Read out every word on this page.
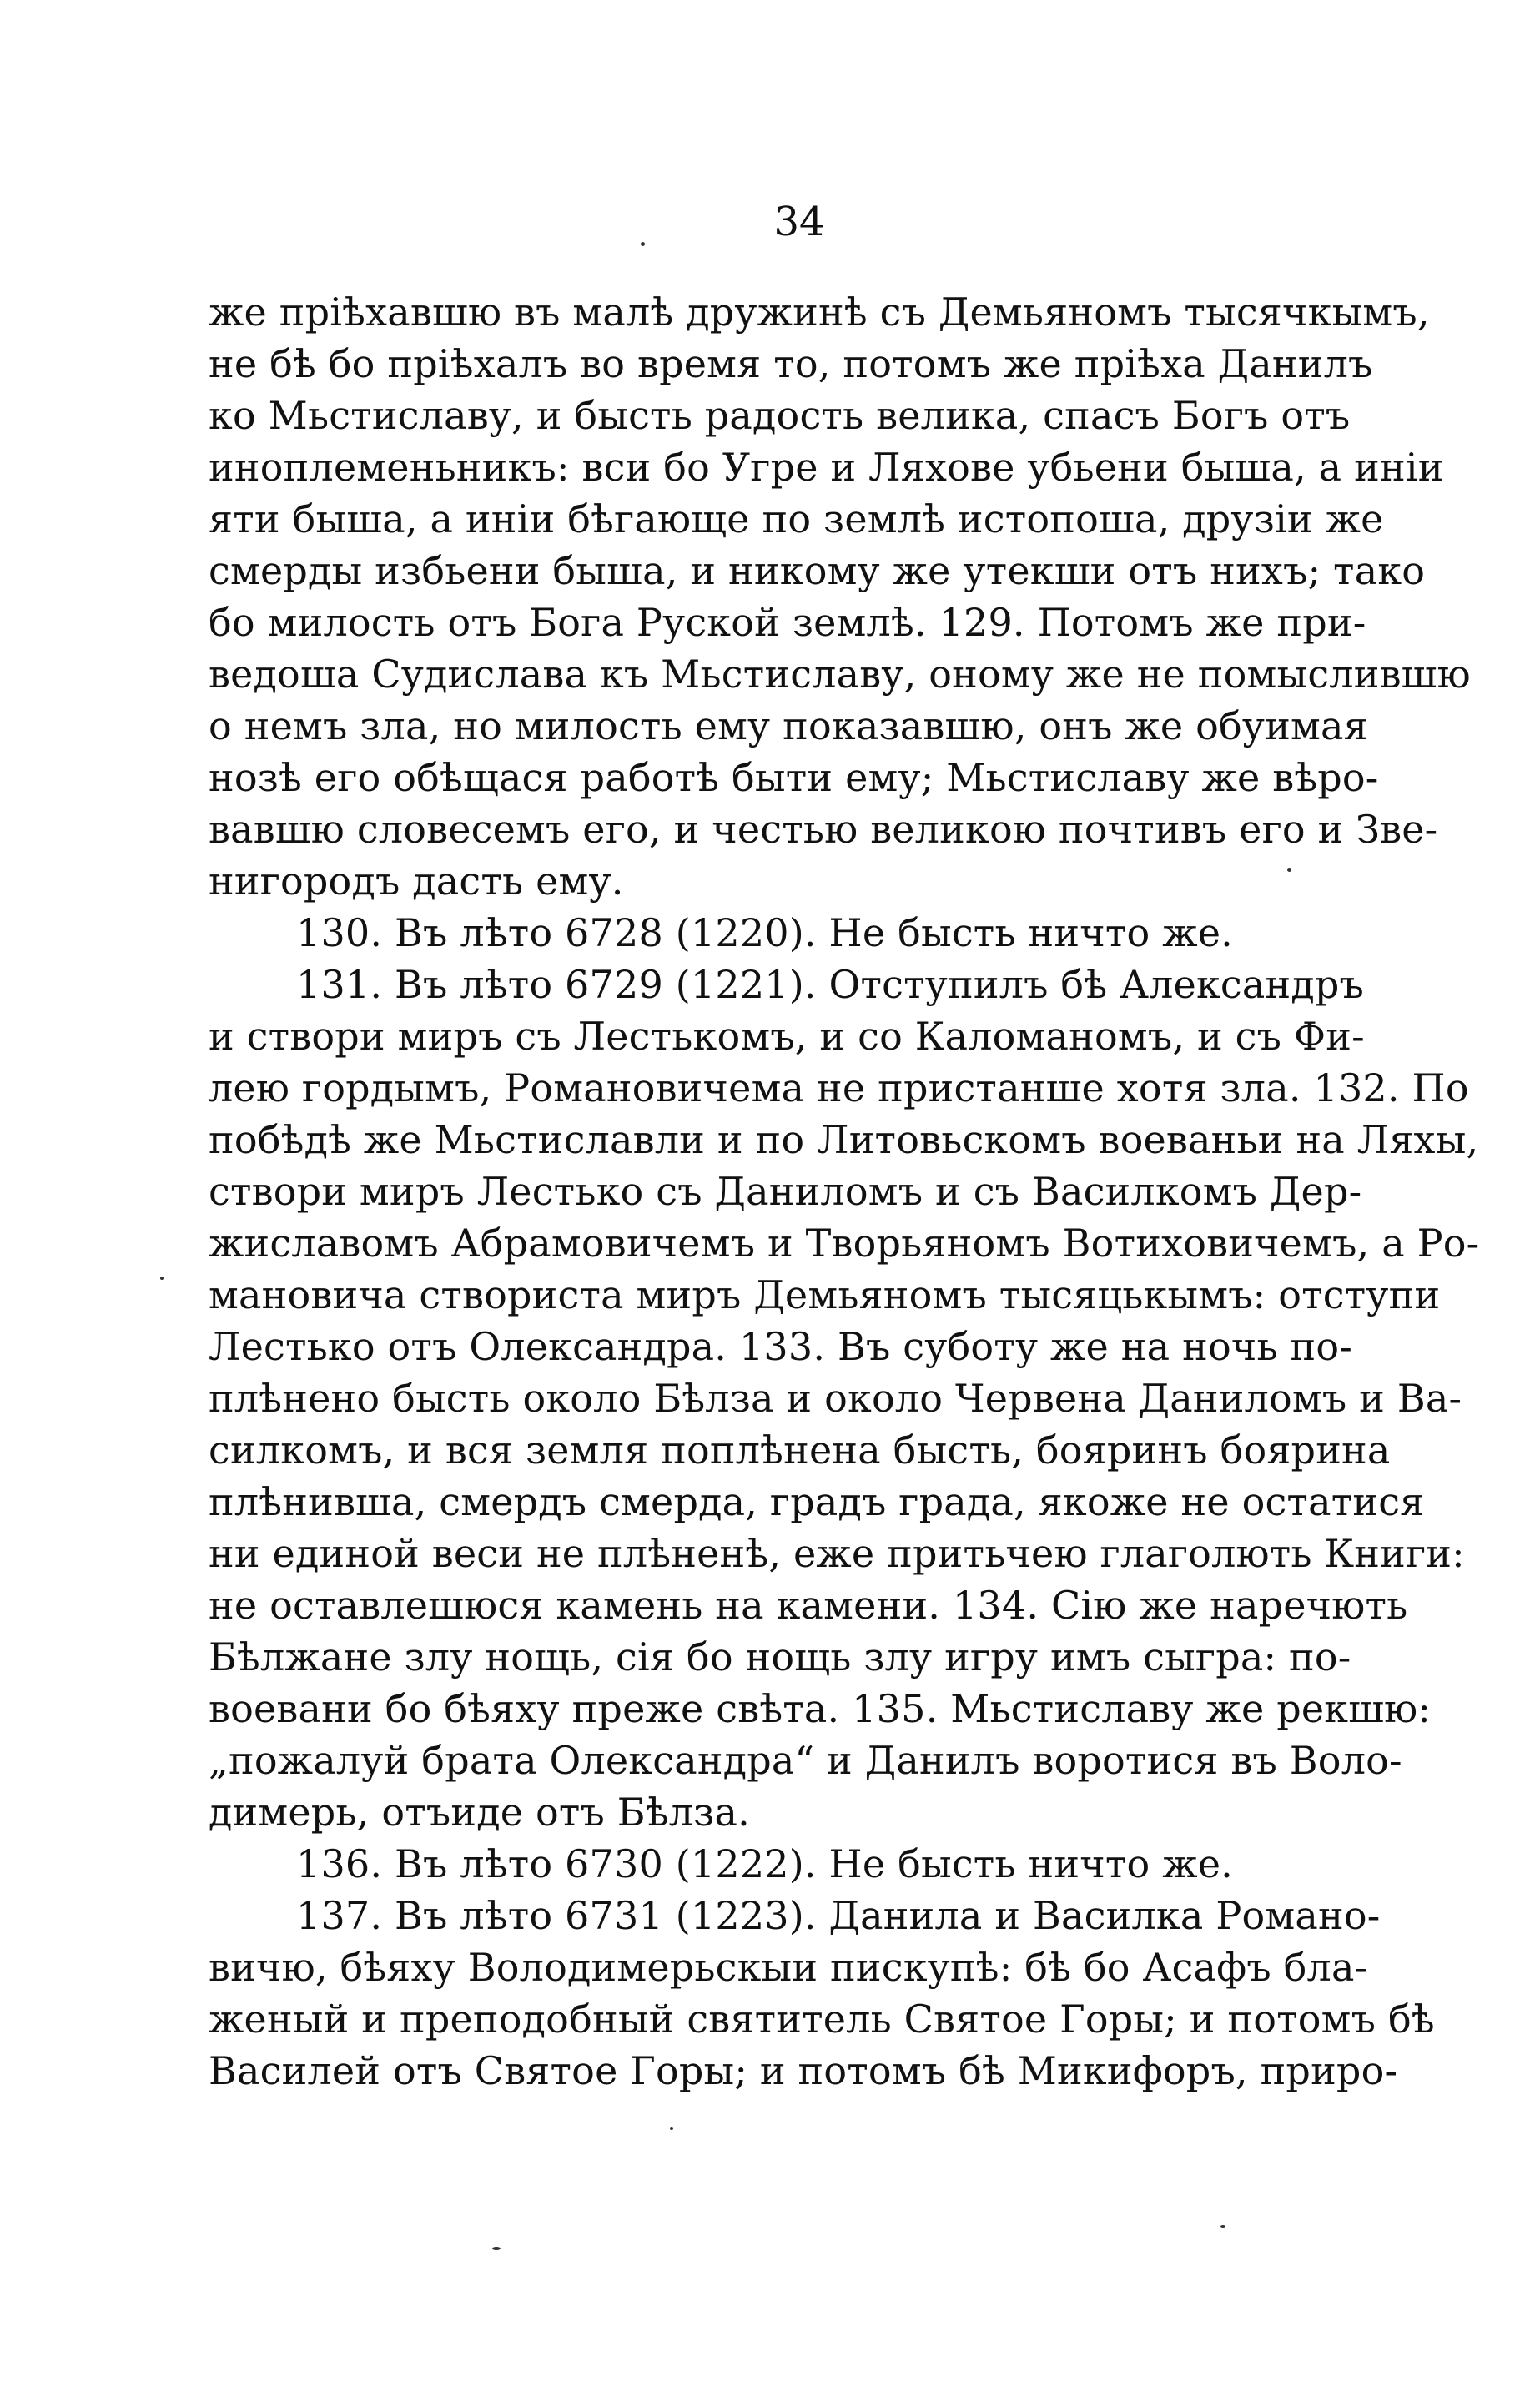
34
же пріѣхавшю въ малѣ дружинѣ съ Демьяномъ тысячкымъ,
не бѣ бо пріѣхалъ во время то, потомъ же пріѣха Данилъ
ко Мьстиславу, и бысть радость велика, спасъ Богъ отъ
иноплеменьникъ: вси бо Угре и Ляхове убьени быша, а иніи
яти быша, а иніи бѣгающе по землѣ истопоша, друзіи же
смерды избьени быша, и никому же утекши отъ нихъ; тако
бо милость отъ Бога Руской землѣ. 129. Потомъ же при-
ведоша Судислава къ Мьстиславу, оному же не помыслившю
о немъ зла, но милость ему показавшю, онъ же обуимая
нозѣ его обѣщася работѣ быти ему; Мьстиславу же вѣро-
вавшю словесемъ его, и честью великою почтивъ его и Зве-
нигородъ дасть ему.
130. Въ лѣто 6728 (1220). Не бысть ничто же.
131. Въ лѣто 6729 (1221). Отступилъ бѣ Александръ
и створи миръ съ Лестькомъ, и со Каломаномъ, и съ Фи-
лею гордымъ, Романовичема не пристанше хотя зла. 132. По
побѣдѣ же Мьстиславли и по Литовьскомъ воеваньи на Ляхы,
створи миръ Лестько съ Даниломъ и съ Василкомъ Дер-
жиславомъ Абрамовичемъ и Творьяномъ Вотиховичемъ, а Ро-
мановича створиста миръ Демьяномъ тысяцькымъ: отступи
Лестько отъ Олександра. 133. Въ суботу же на ночь по-
плѣнено бысть около Бѣлза и около Червена Даниломъ и Ва-
силкомъ, и вся земля поплѣнена бысть, бояринъ боярина
плѣнивша, смердъ смерда, градъ града, якоже не остатися
ни единой веси не плѣненѣ, еже притьчею глаголють Книги:
не оставлешюся камень на камени. 134. Сію же наречють
Бѣлжане злу нощь, сія бо нощь злу игру имъ сыгра: по-
воевани бо бѣяху преже свѣта. 135. Мьстиславу же рекшю:
„пожалуй брата Олександра“ и Данилъ воротися въ Воло-
димерь, отъиде отъ Бѣлза.
136. Въ лѣто 6730 (1222). Не бысть ничто же.
137. Въ лѣто 6731 (1223). Данила и Василка Романо-
вичю, бѣяху Володимерьскыи пискупѣ: бѣ бо Асафъ бла-
женый и преподобный святитель Святое Горы; и потомъ бѣ
Василей отъ Святое Горы; и потомъ бѣ Микифоръ, приро-
